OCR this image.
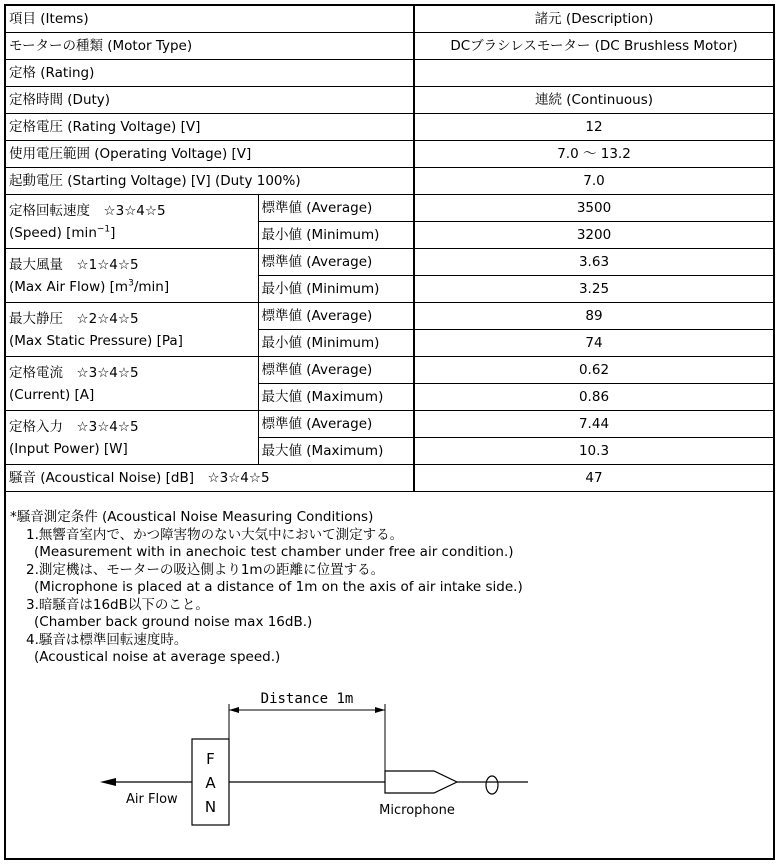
項目 (Items)		諸元 (Description)
モーターの種類 (Motor Type)		DCブラシレスモーター (DC Brushless Motor)
定格 (Rating)		
定格時間 (Duty)		連続 (Continuous)
定格電圧 (Rating Voltage) [V]		12
使用電圧範囲 (Operating Voltage) [V]		7.0 ～ 13.2
起動電圧 (Starting Voltage) [V] (Duty 100%)		7.0

定格回転速度　☆3☆4☆5
(Speed) $[\min^{-1}]$	標準値 (Average)	3500
	最小値 (Minimum)	3200

最大風量　☆1☆4☆5
(Max Air Flow) $[m^3/\min]$	標準値 (Average)	3.63
	最小値 (Minimum)	3.25

最大静圧　☆2☆4☆5
(Max Static Pressure) [Pa]	標準値 (Average)	89
	最小値 (Minimum)	74

定格電流　☆3☆4☆5
(Current) [A]	標準値 (Average)	0.62
	最大値 (Maximum)	0.86

定格入力　☆3☆4☆5
(Input Power) [W]	標準値 (Average)	7.44
	最大値 (Maximum)	10.3
騒音 (Acoustical Noise) [dB]　☆3☆4☆5		47
*騒音測定条件 (Acoustical Noise Measuring Conditions)
1.無響音室内で、かつ障害物のない大気中において測定する。
(Measurement with in anechoic test chamber under free air condition.)
2.測定機は、モーターの吸込側より1mの距離に位置する。
(Microphone is placed at a distance of 1m on the axis of air intake side.)
3.暗騒音は16dB以下のこと。
(Chamber back ground noise max 16dB.)
4.騒音は標準回転速度時。
(Acoustical noise at average speed.)
Distance 1m
Air Flow
F
A
N	Microphone
